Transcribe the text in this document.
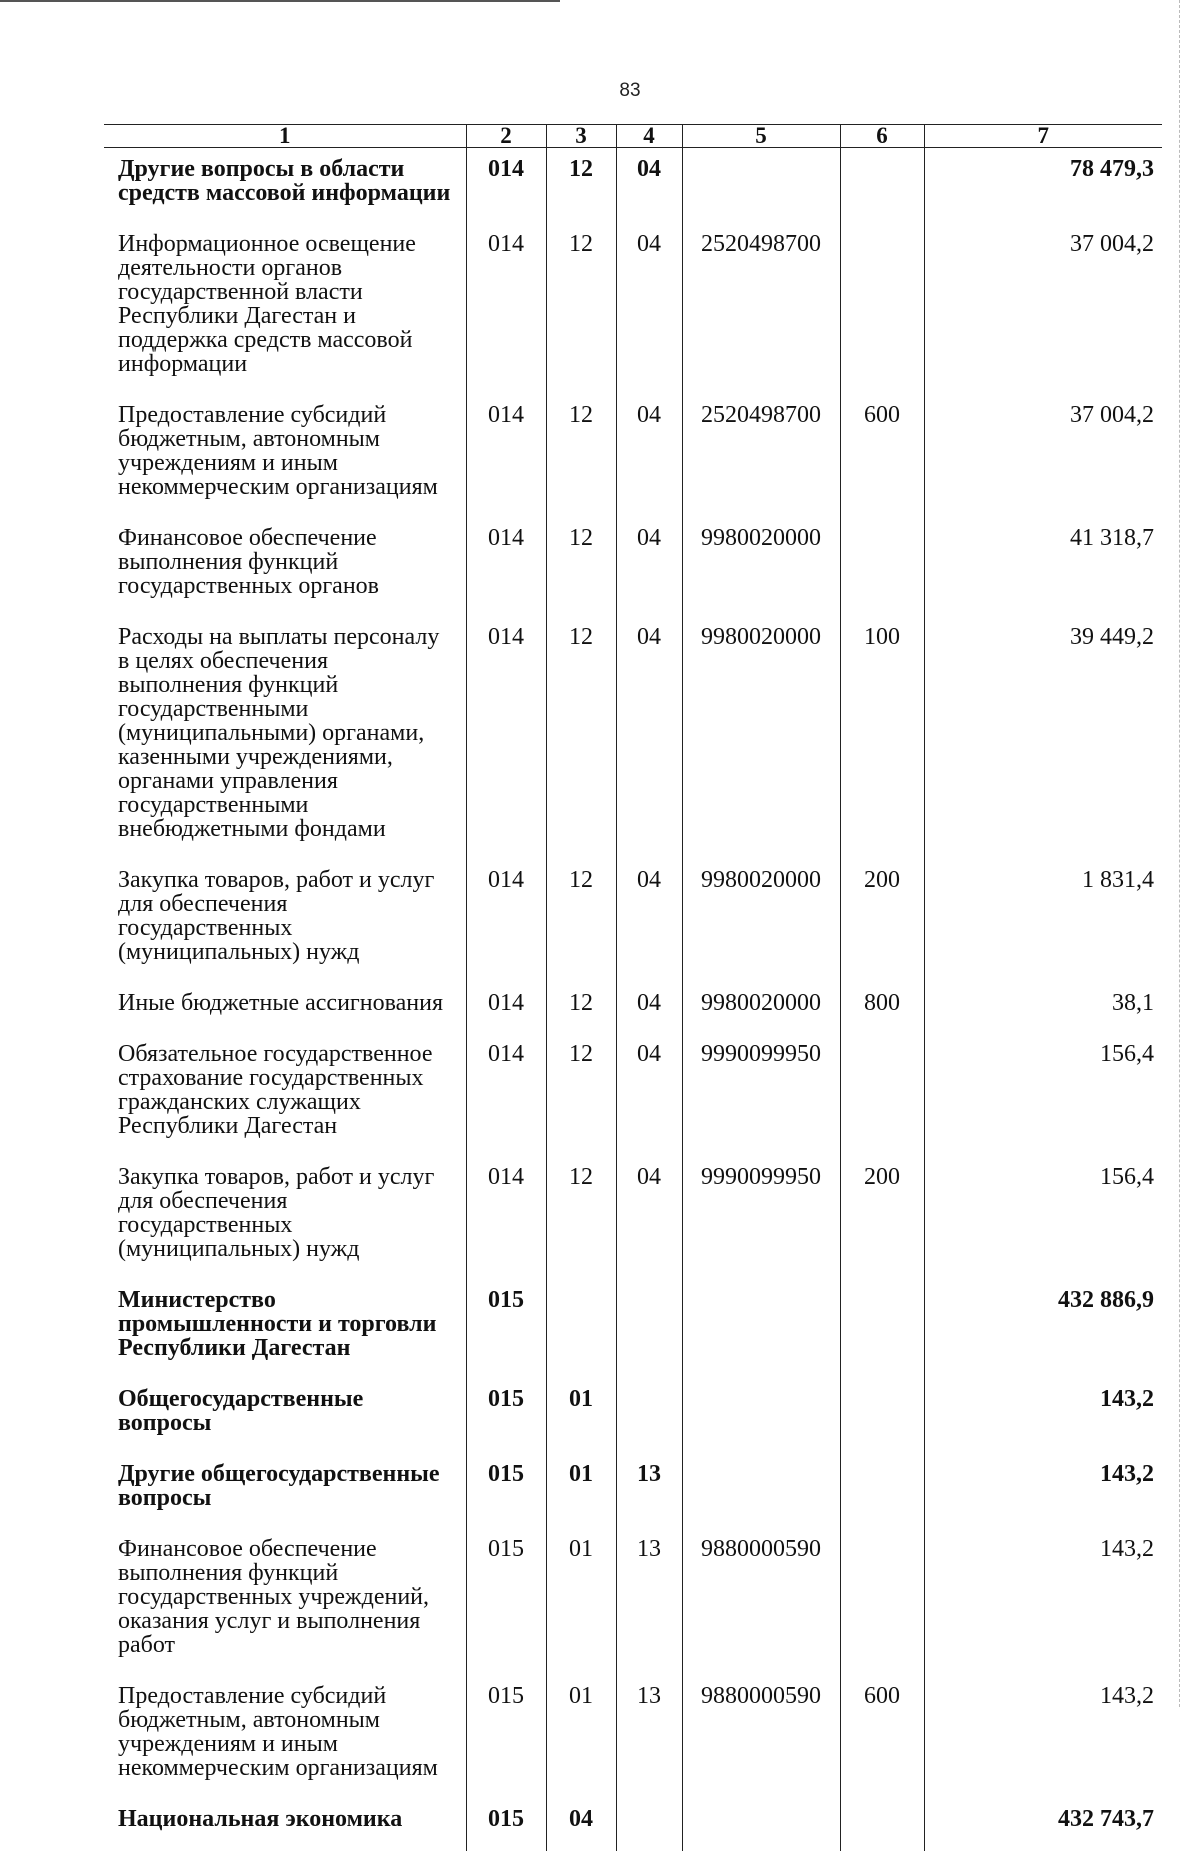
83
1	2	3	4	5	6	7
Другие вопросы в области средств массовой информации	014	12	04			78 479,3
Информационное освещение деятельности органов государственной власти Республики Дагестан и поддержка средств массовой информации	014	12	04	2520498700		37 004,2
Предоставление субсидий бюджетным, автономным учреждениям и иным некоммерческим организациям	014	12	04	2520498700	600	37 004,2
Финансовое обеспечение выполнения функций государственных органов	014	12	04	9980020000		41 318,7
Расходы на выплаты персоналу в целях обеспечения выполнения функций государственными (муниципальными) органами, казенными учреждениями, органами управления государственными внебюджетными фондами	014	12	04	9980020000	100	39 449,2
Закупка товаров, работ и услуг для обеспечения государственных (муниципальных) нужд	014	12	04	9980020000	200	1 831,4
Иные бюджетные ассигнования	014	12	04	9980020000	800	38,1
Обязательное государственное страхование государственных гражданских служащих Республики Дагестан	014	12	04	9990099950		156,4
Закупка товаров, работ и услуг для обеспечения государственных (муниципальных) нужд	014	12	04	9990099950	200	156,4
Министерство промышленности и торговли Республики Дагестан	015					432 886,9
Общегосударственные вопросы	015	01				143,2
Другие общегосударственные вопросы	015	01	13			143,2
Финансовое обеспечение выполнения функций государственных учреждений, оказания услуг и выполнения работ	015	01	13	9880000590		143,2
Предоставление субсидий бюджетным, автономным учреждениям и иным некоммерческим организациям	015	01	13	9880000590	600	143,2
Национальная экономика	015	04				432 743,7
